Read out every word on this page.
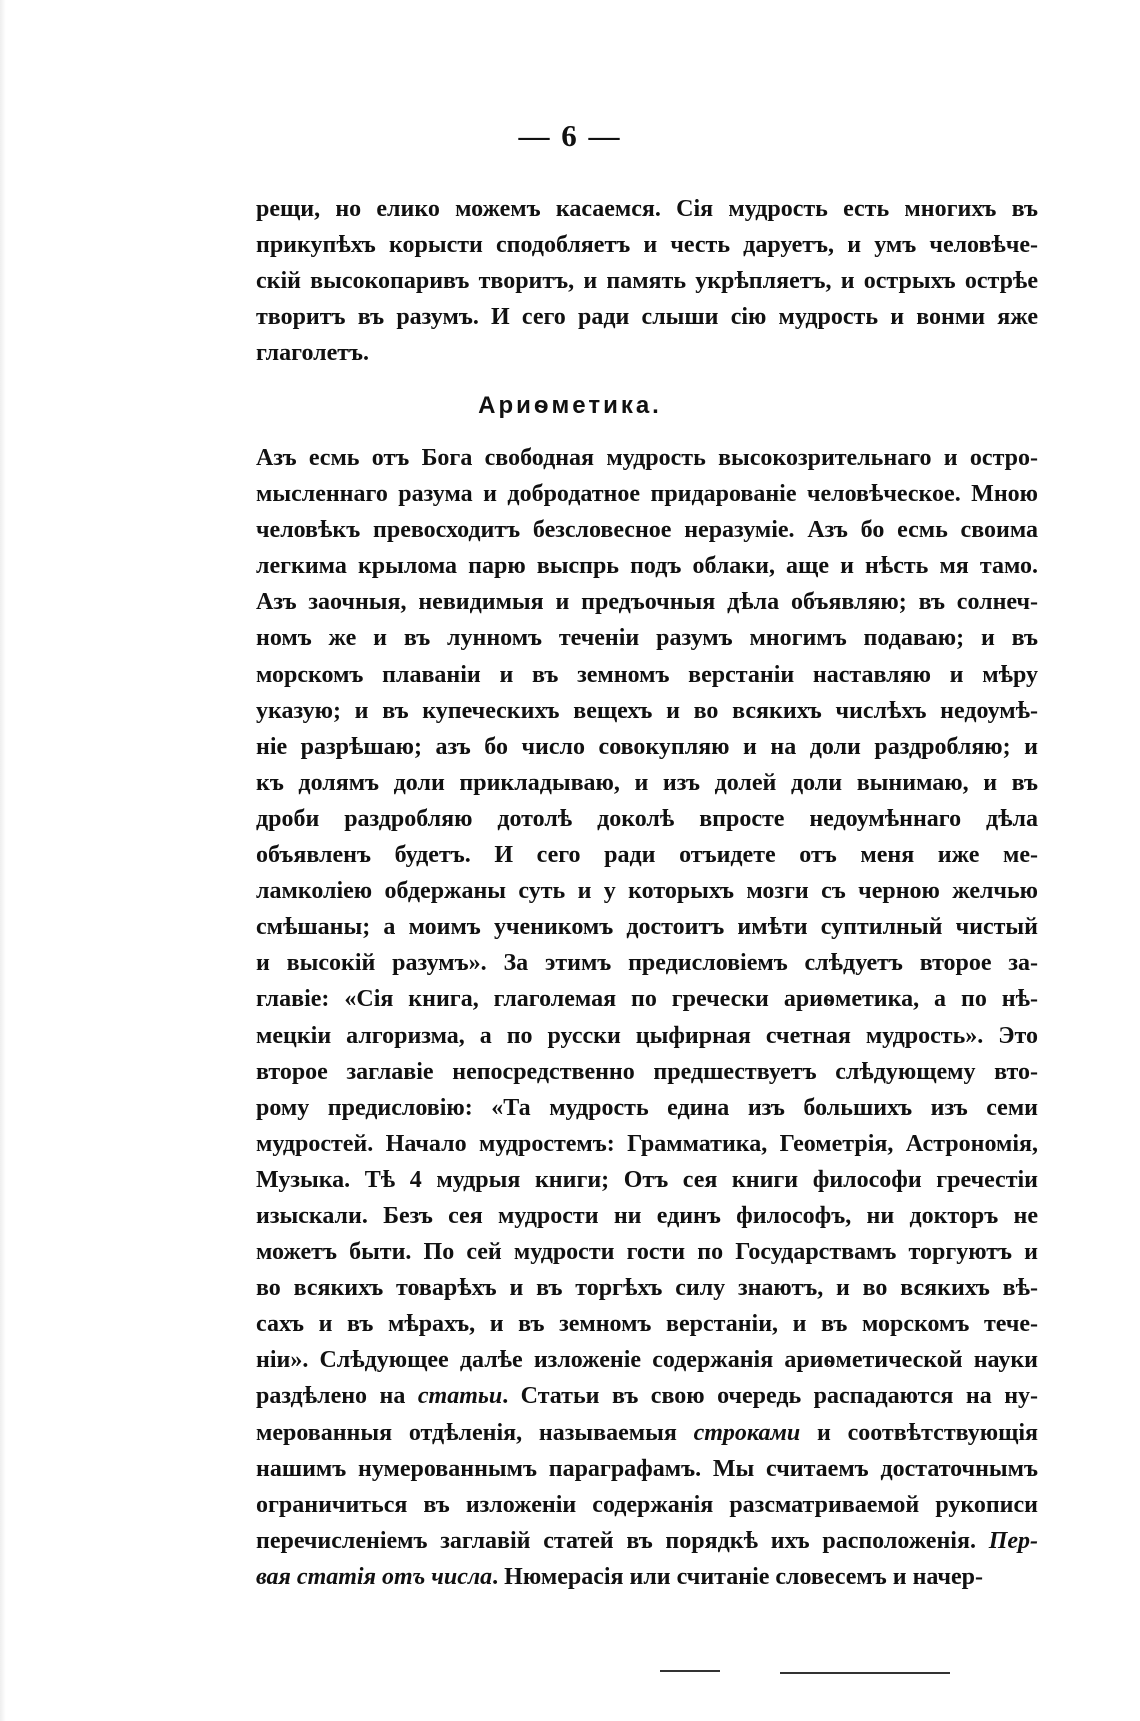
— 6 —
рещи, но елико можемъ касаемся. Сія мудрость есть многихъ въ
прикупѣхъ корысти сподобляетъ и честь даруетъ, и умъ человѣче-
скій высокопаривъ творитъ, и память укрѣпляетъ, и острыхъ острѣе
творитъ въ разумъ. И сего ради слыши сію мудрость и вонми яже
глаголетъ.
Ариѳметика.
Азъ есмь отъ Бога свободная мудрость высокозрительнаго и остро-
мысленнаго разума и добродатное придарованіе человѣческое. Мною
человѣкъ превосходитъ безсловесное неразуміе. Азъ бо есмь своима
легкима крылома парю выспрь подъ облаки, аще и нѣсть мя тамо.
Азъ заочныя, невидимыя и предъочныя дѣла объявляю; въ солнеч-
номъ же и въ лунномъ теченіи разумъ многимъ подаваю; и въ
морскомъ плаваніи и въ земномъ верстаніи наставляю и мѣру
указую; и въ купеческихъ вещехъ и во всякихъ числѣхъ недоумѣ-
ніе разрѣшаю; азъ бо число совокупляю и на доли раздробляю; и
къ долямъ доли прикладываю, и изъ долей доли вынимаю, и въ
дроби раздробляю дотолѣ доколѣ впросте недоумѣннаго дѣла
объявленъ будетъ. И сего ради отъидете отъ меня иже ме-
ламколіею обдержаны суть и у которыхъ мозги съ черною желчью
смѣшаны; а моимъ ученикомъ достоитъ имѣти суптилный чистый
и высокій разумъ». За этимъ предисловіемъ слѣдуетъ второе за-
главіе: «Сія книга, глаголемая по гречески ариѳметика, а по нѣ-
мецкіи алгоризма, а по русски цыфирная счетная мудрость». Это
второе заглавіе непосредственно предшествуетъ слѣдующему вто-
рому предисловію: «Та мудрость едина изъ большихъ изъ семи
мудростей. Начало мудростемъ: Грамматика, Геометрія, Астрономія,
Музыка. Тѣ 4 мудрыя книги; Отъ сея книги философи гречестіи
изыскали. Безъ сея мудрости ни единъ философъ, ни докторъ не
можетъ быти. По сей мудрости гости по Государствамъ торгуютъ и
во всякихъ товарѣхъ и въ торгѣхъ силу знаютъ, и во всякихъ вѣ-
сахъ и въ мѣрахъ, и въ земномъ верстаніи, и въ морскомъ тече-
ніи». Слѣдующее далѣе изложеніе содержанія ариѳметической науки
раздѣлено на статьи. Статьи въ свою очередь распадаются на ну-
мерованныя отдѣленія, называемыя строками и соотвѣтствующія
нашимъ нумерованнымъ параграфамъ. Мы считаемъ достаточнымъ
ограничиться въ изложеніи содержанія разсматриваемой рукописи
перечисленіемъ заглавій статей въ порядкѣ ихъ расположенія. Пер-
вая статія отъ числа. Нюмерасія или считаніе словесемъ и начер-
